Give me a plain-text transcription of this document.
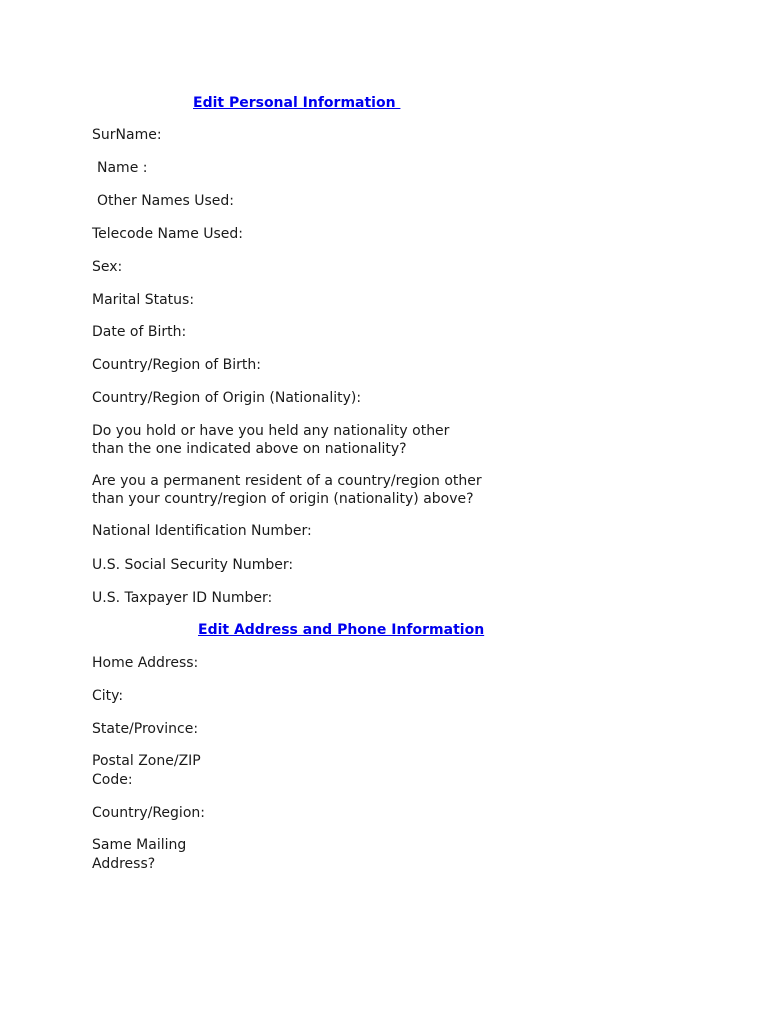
Edit Personal Information
SurName:
Name :
Other Names Used:
Telecode Name Used:
Sex:
Marital Status:
Date of Birth:
Country/Region of Birth:
Country/Region of Origin (Nationality):
Do you hold or have you held any nationality other
than the one indicated above on nationality?
Are you a permanent resident of a country/region other
than your country/region of origin (nationality) above?
National Identification Number:
U.S. Social Security Number:
U.S. Taxpayer ID Number:
Edit Address and Phone Information
Home Address:
City:
State/Province:
Postal Zone/ZIP
Code:
Country/Region:
Same Mailing
Address?
